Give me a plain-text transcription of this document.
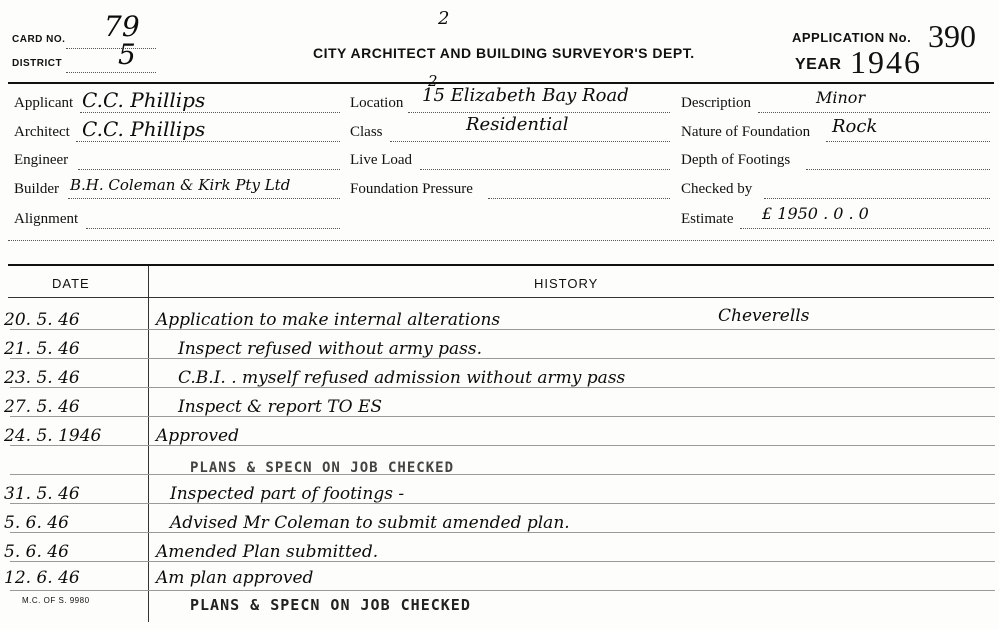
CARD NO. 79
DISTRICT 5
2
CITY ARCHITECT AND BUILDING SURVEYOR'S DEPT.
APPLICATION No. 390
YEAR 1946
Applicant C.C. Phillips
Architect C.C. Phillips
Engineer
Builder B.H. Coleman & Kirk Pty Ltd
Alignment
2
Location 15 Elizabeth Bay Road
Class	Residential
Live Load
Foundation Pressure
Description	Minor
Nature of Foundation Rock
Depth of Footings
Checked by
Estimate £ 1950 . 0 . 0
DATE	HISTORY
20. 5. 46	Application to make internal alterations	Cheverells
21. 5. 46	Inspect refused without army pass.
23. 5. 46	C.B.I. . myself refused admission without army pass
27. 5. 46	Inspect & report TO ES
24. 5. 1946	Approved
PLANS & SPECN ON JOB CHECKED
31. 5. 46	Inspected part of footings -
5. 6. 46	Advised Mr Coleman to submit amended plan.
5. 6. 46	Amended Plan submitted.
12. 6. 46	Am plan approved
PLANS & SPECN ON JOB CHECKED
M.C. OF S. 9980
